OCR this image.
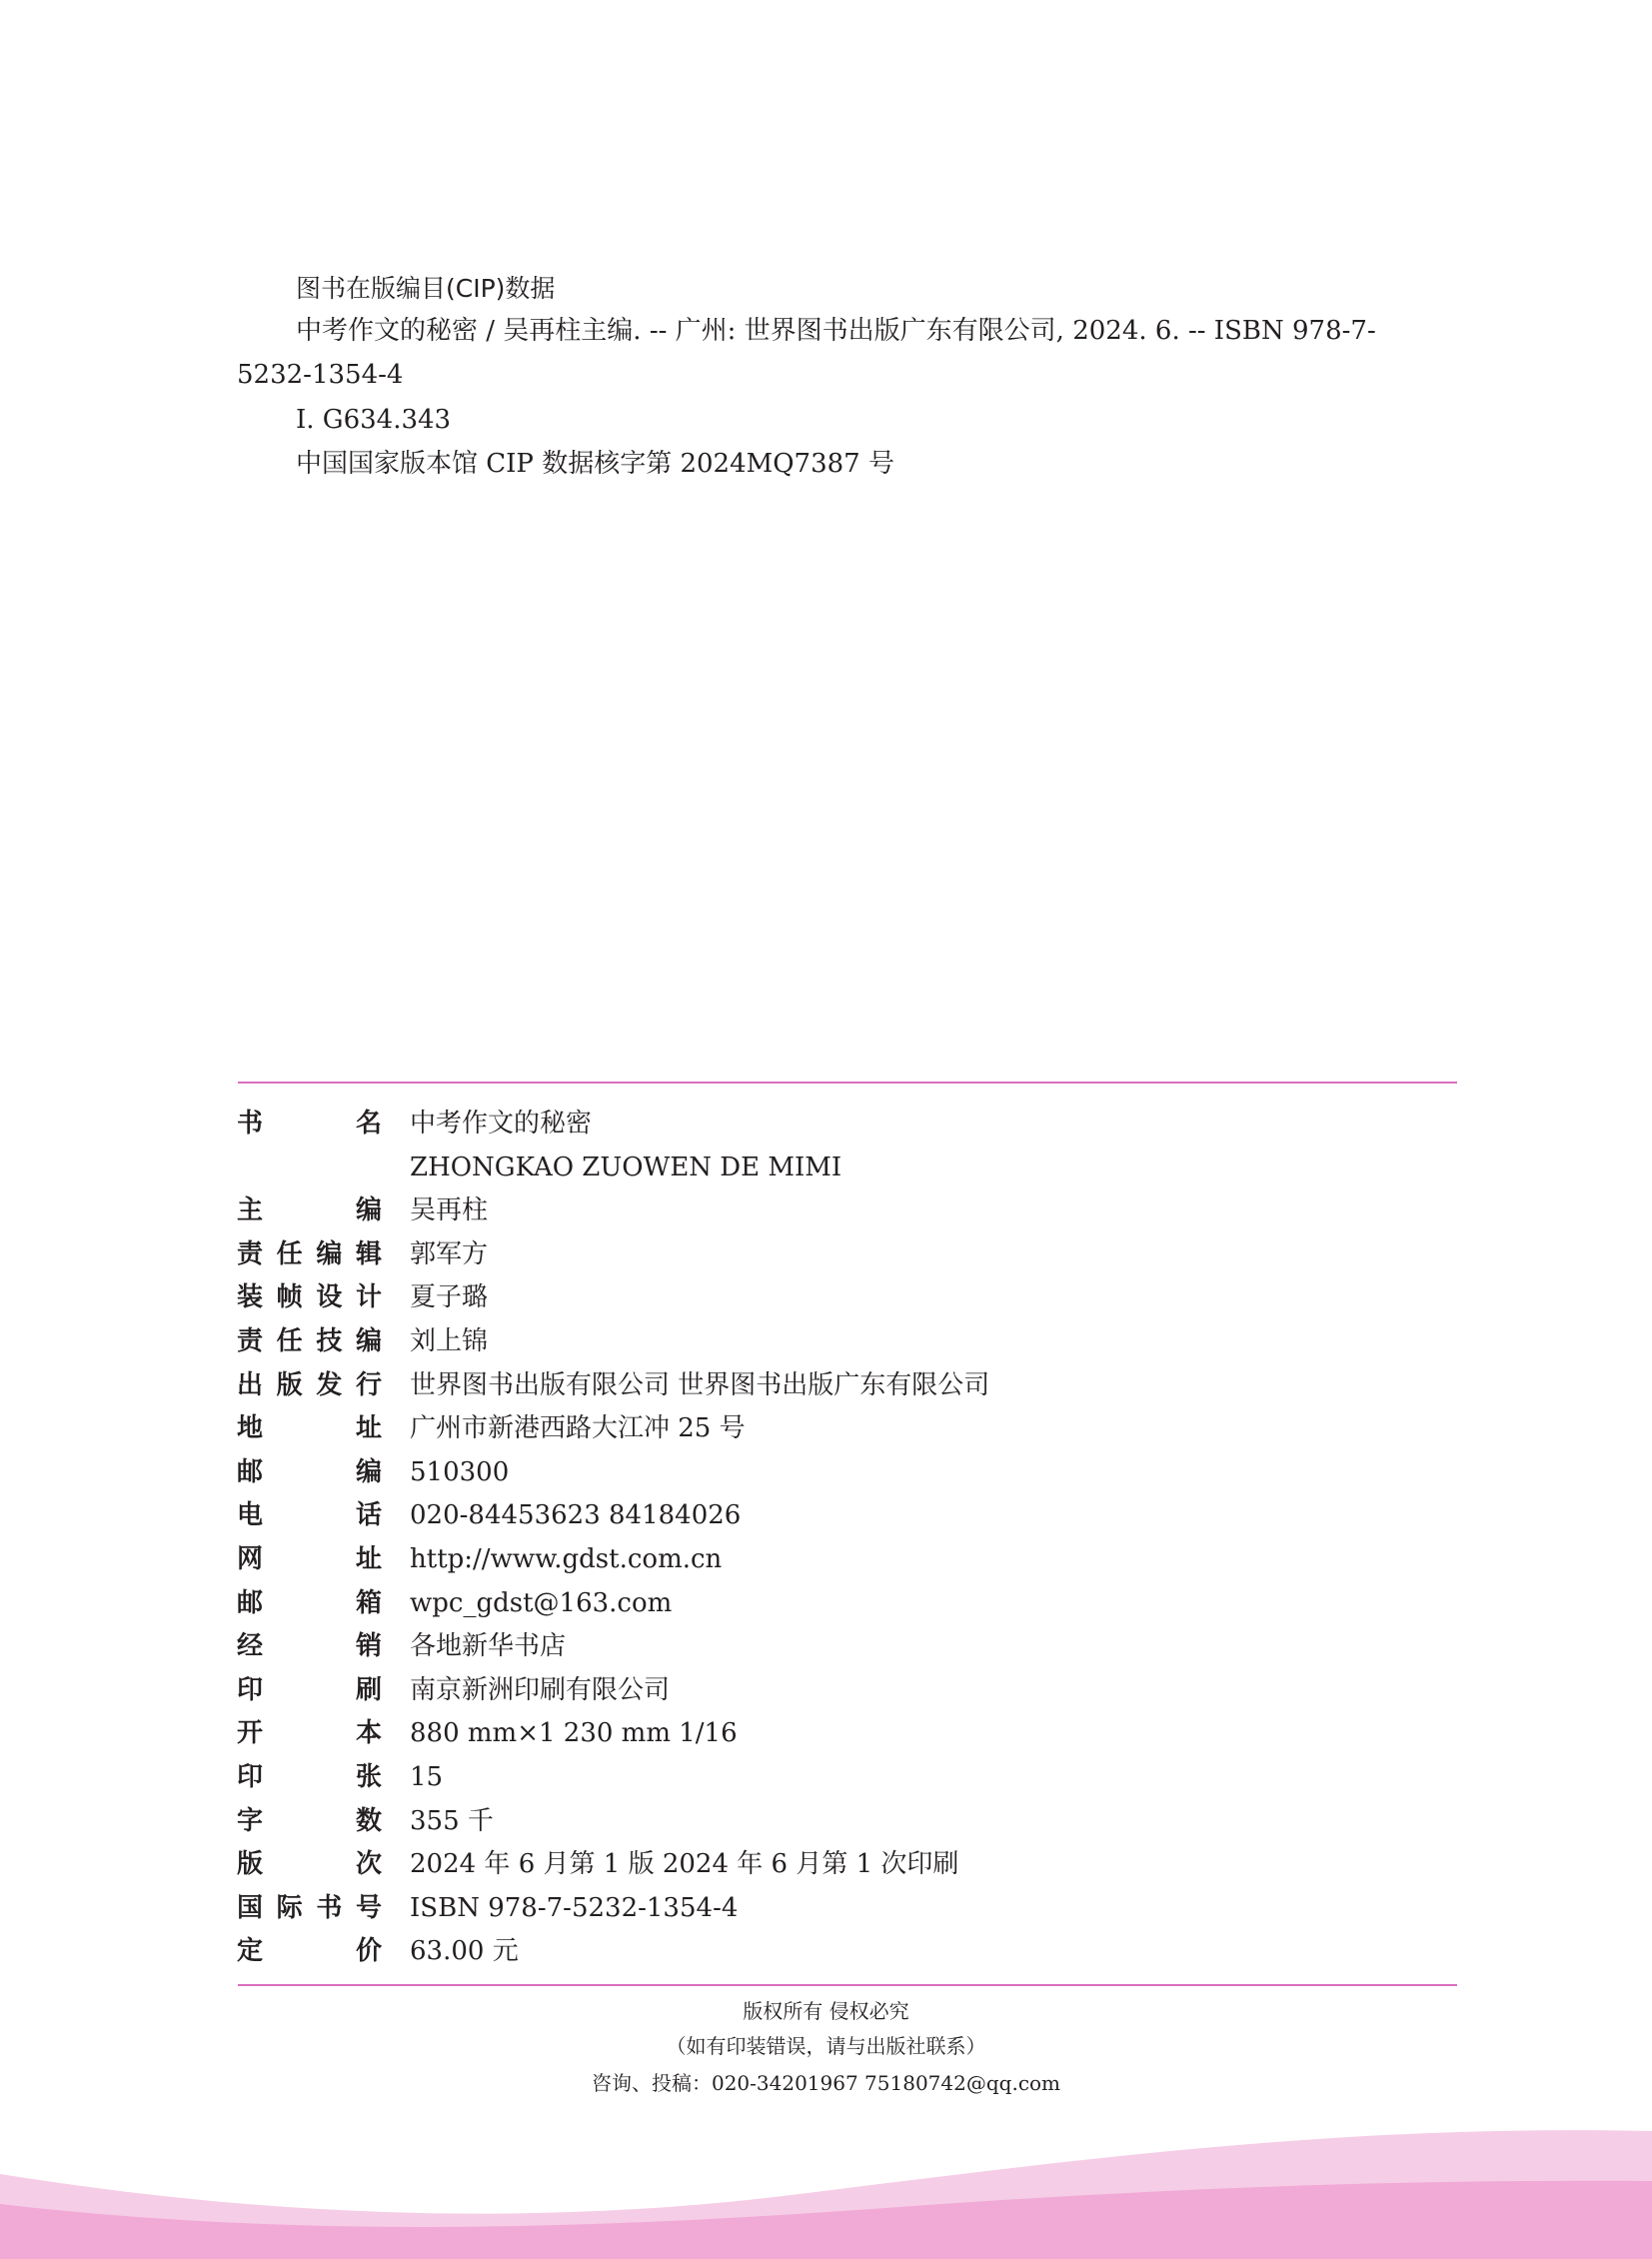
图书在版编目(CIP)数据
中考作文的秘密 / 吴再柱主编. -- 广州: 世界图书出版广东有限公司, 2024. 6. -- ISBN 978-7-
5232-1354-4
Ⅰ. G634.343
中国国家版本馆 CIP 数据核字第 2024MQ7387 号
书	名 中考作文的秘密
ZHONGKAO ZUOWEN DE MIMI
主	编 吴再柱
责 任 编 辑 郭军方
装 帧 设 计 夏子璐
责 任 技 编 刘上锦
出 版 发 行 世界图书出版有限公司 世界图书出版广东有限公司
地	址 广州市新港西路大江冲 25 号
邮	编 510300
电	话 020-84453623 84184026
网	址 http://www.gdst.com.cn
邮	箱 wpc_gdst@163.com
经	销 各地新华书店
印	刷 南京新洲印刷有限公司
开	本 880 mm×1 230 mm 1/16
印	张 15
字	数 355 千
版	次 2024 年 6 月第 1 版 2024 年 6 月第 1 次印刷
国 际 书 号 ISBN 978-7-5232-1354-4
定	价 63.00 元
版权所有 侵权必究
（如有印装错误，请与出版社联系）
咨询、投稿：020-34201967 75180742@qq.com
